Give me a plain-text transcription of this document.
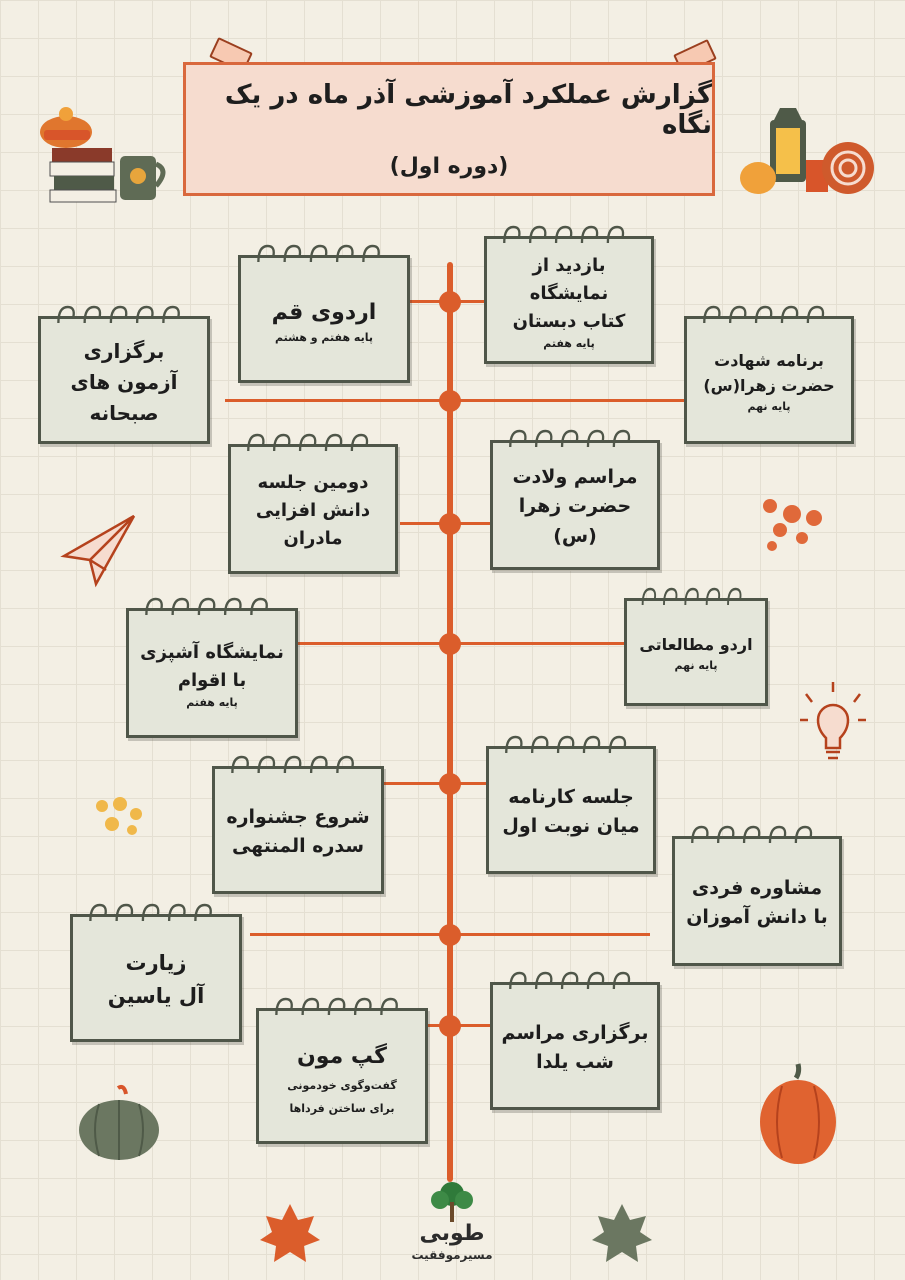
گزارش عملکرد آموزشی آذر ماه در یک نگاه
(دوره اول)
بازدید از نمایشگاه
کتاب دبستان
پایه هفتم
اردوی قم
پایه هفتم و هشتم
برنامه شهادت
حضرت زهرا(س)
پایه نهم
برگزاری
آزمون های
صبحانه
مراسم ولادت
حضرت زهرا (س)
دومین جلسه
دانش افزایی
مادران
اردو مطالعاتی
پایه نهم
نمایشگاه آشپزی
با اقوام
پایه هفتم
جلسه کارنامه
میان نوبت اول
شروع جشنواره
سدره المنتهی
مشاوره فردی
با دانش آموزان
زیارت
آل یاسین
برگزاری مراسم
شب یلدا
گپ مون
گفت‌وگوی خودمونی
برای ساختن فرداها
طوبی
مسیرموفقیت
